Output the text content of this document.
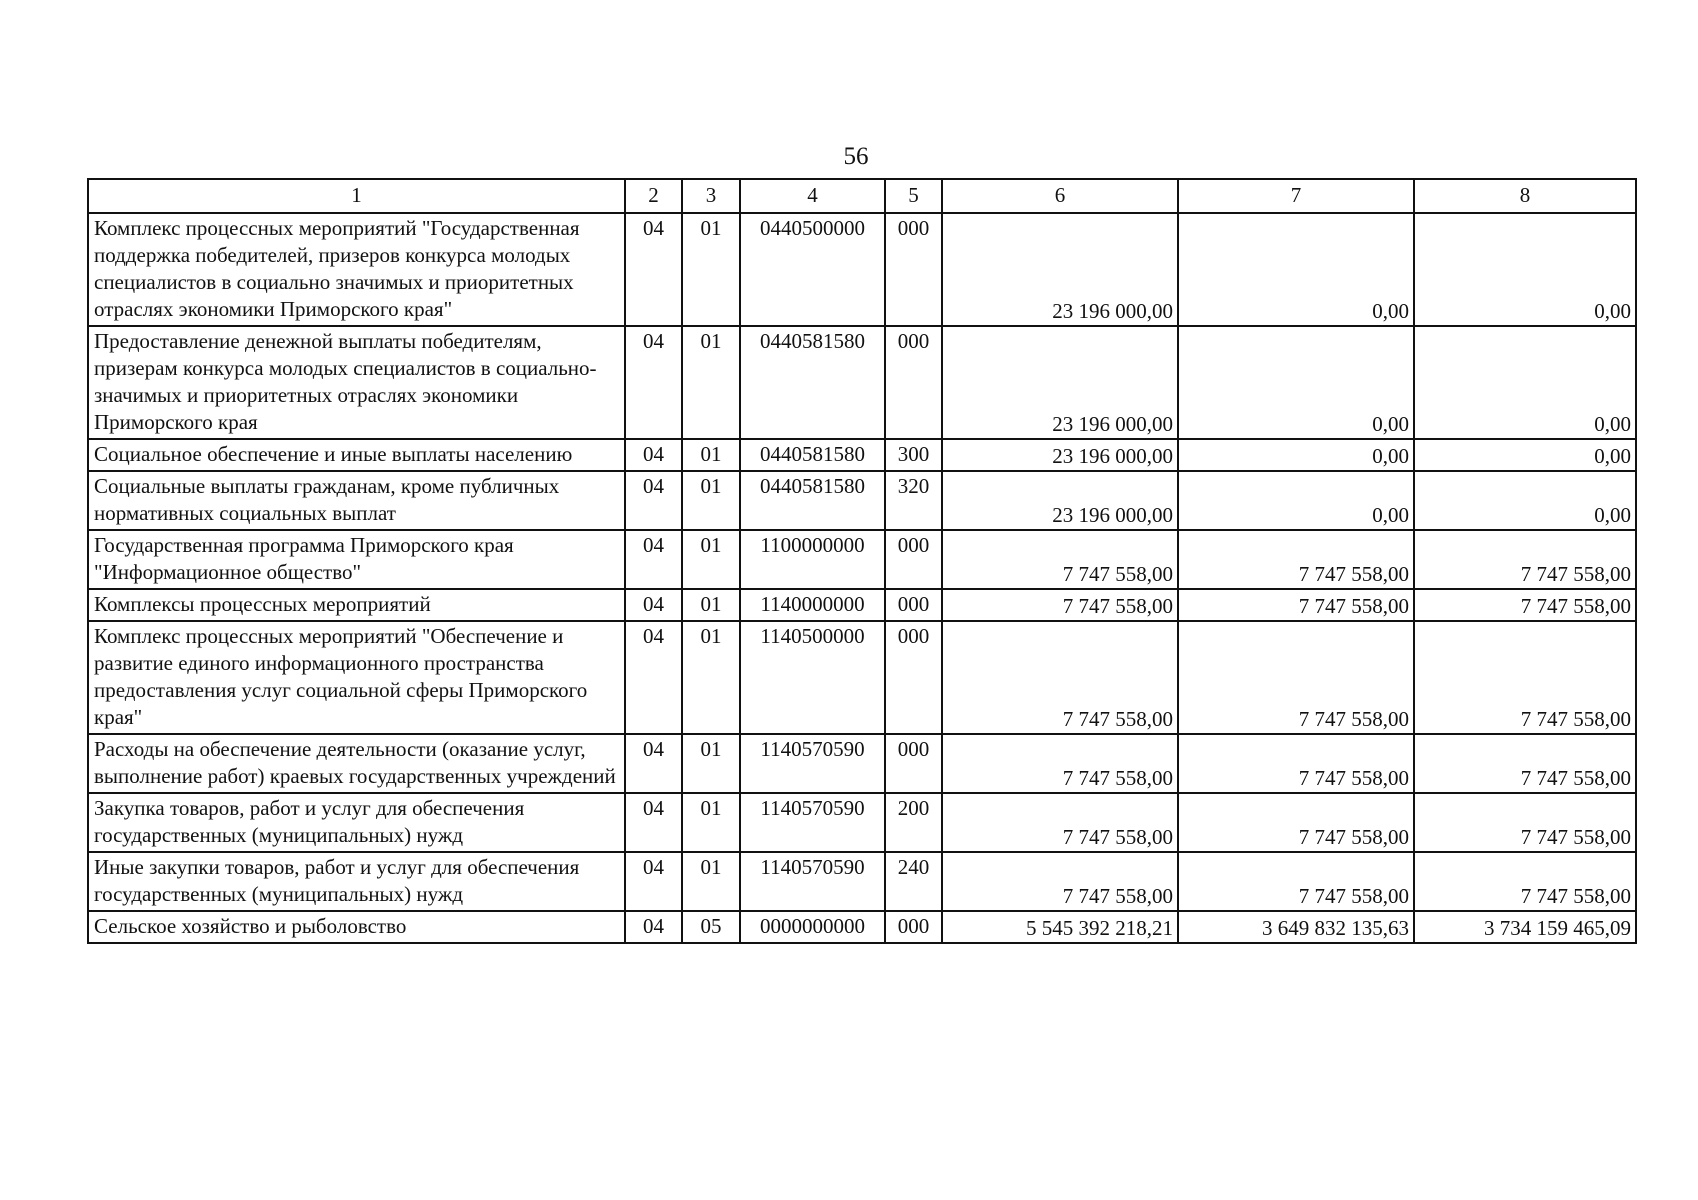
56
1	2	3	4	5	6	7	8
Комплекс процессных мероприятий "Государственная поддержка победителей, призеров конкурса молодых специалистов в социально значимых и приоритетных отраслях экономики Приморского края"	04	01	0440500000	000	23 196 000,00	0,00	0,00
Предоставление денежной выплаты победителям, призерам конкурса молодых специалистов в социально-значимых и приоритетных отраслях экономики Приморского края	04	01	0440581580	000	23 196 000,00	0,00	0,00
Социальное обеспечение и иные выплаты населению	04	01	0440581580	300	23 196 000,00	0,00	0,00
Социальные выплаты гражданам, кроме публичных нормативных социальных выплат	04	01	0440581580	320	23 196 000,00	0,00	0,00
Государственная программа Приморского края "Информационное общество"	04	01	1100000000	000	7 747 558,00	7 747 558,00	7 747 558,00
Комплексы процессных мероприятий	04	01	1140000000	000	7 747 558,00	7 747 558,00	7 747 558,00
Комплекс процессных мероприятий "Обеспечение и развитие единого информационного пространства предоставления услуг социальной сферы Приморского края"	04	01	1140500000	000	7 747 558,00	7 747 558,00	7 747 558,00
Расходы на обеспечение деятельности (оказание услуг, выполнение работ) краевых государственных учреждений	04	01	1140570590	000	7 747 558,00	7 747 558,00	7 747 558,00
Закупка товаров, работ и услуг для обеспечения государственных (муниципальных) нужд	04	01	1140570590	200	7 747 558,00	7 747 558,00	7 747 558,00
Иные закупки товаров, работ и услуг для обеспечения государственных (муниципальных) нужд	04	01	1140570590	240	7 747 558,00	7 747 558,00	7 747 558,00
Сельское хозяйство и рыболовство	04	05	0000000000	000	5 545 392 218,21	3 649 832 135,63	3 734 159 465,09
